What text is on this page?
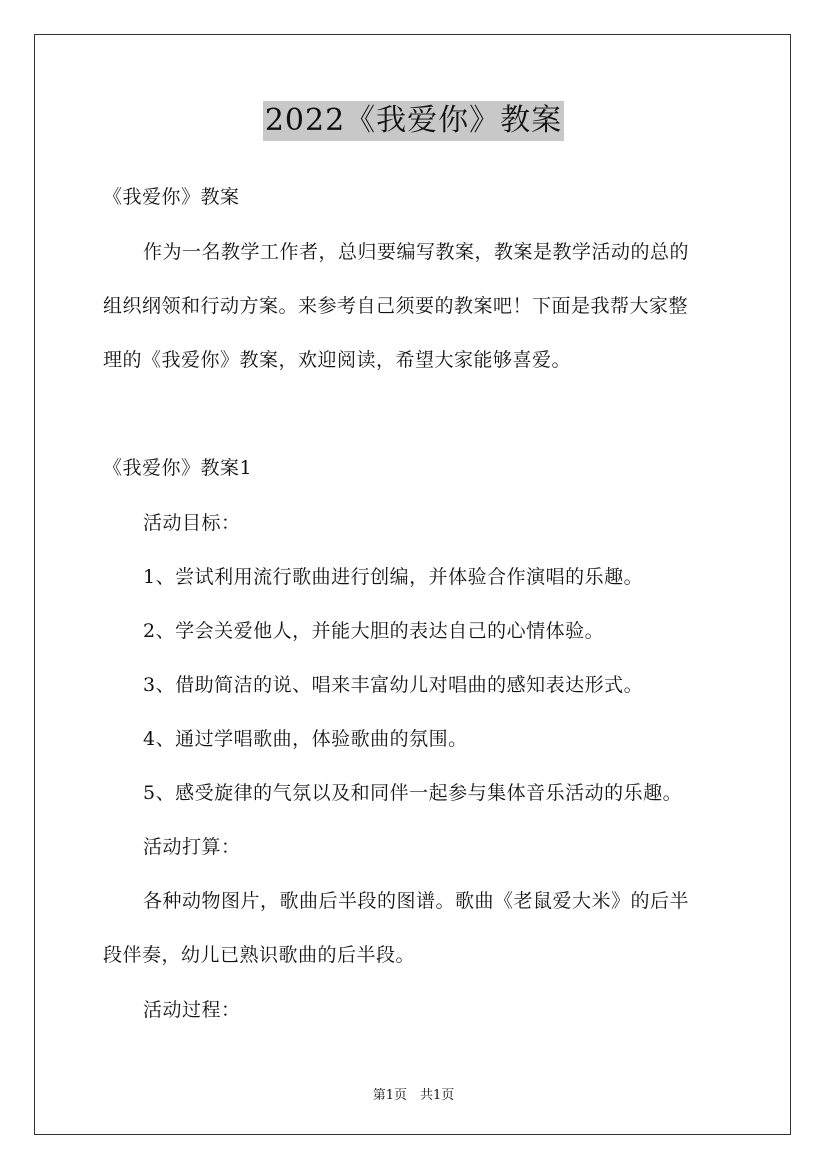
2022《我爱你》教案
《我爱你》教案
作为一名教学工作者，总归要编写教案，教案是教学活动的总的
组织纲领和行动方案。来参考自己须要的教案吧！下面是我帮大家整
理的《我爱你》教案，欢迎阅读，希望大家能够喜爱。
《我爱你》教案1
活动目标：
1、尝试利用流行歌曲进行创编，并体验合作演唱的乐趣。
2、学会关爱他人，并能大胆的表达自己的心情体验。
3、借助简洁的说、唱来丰富幼儿对唱曲的感知表达形式。
4、通过学唱歌曲，体验歌曲的氛围。
5、感受旋律的气氛以及和同伴一起参与集体音乐活动的乐趣。
活动打算：
各种动物图片，歌曲后半段的图谱。歌曲《老鼠爱大米》的后半
段伴奏，幼儿已熟识歌曲的后半段。
活动过程：
第1页　共1页
